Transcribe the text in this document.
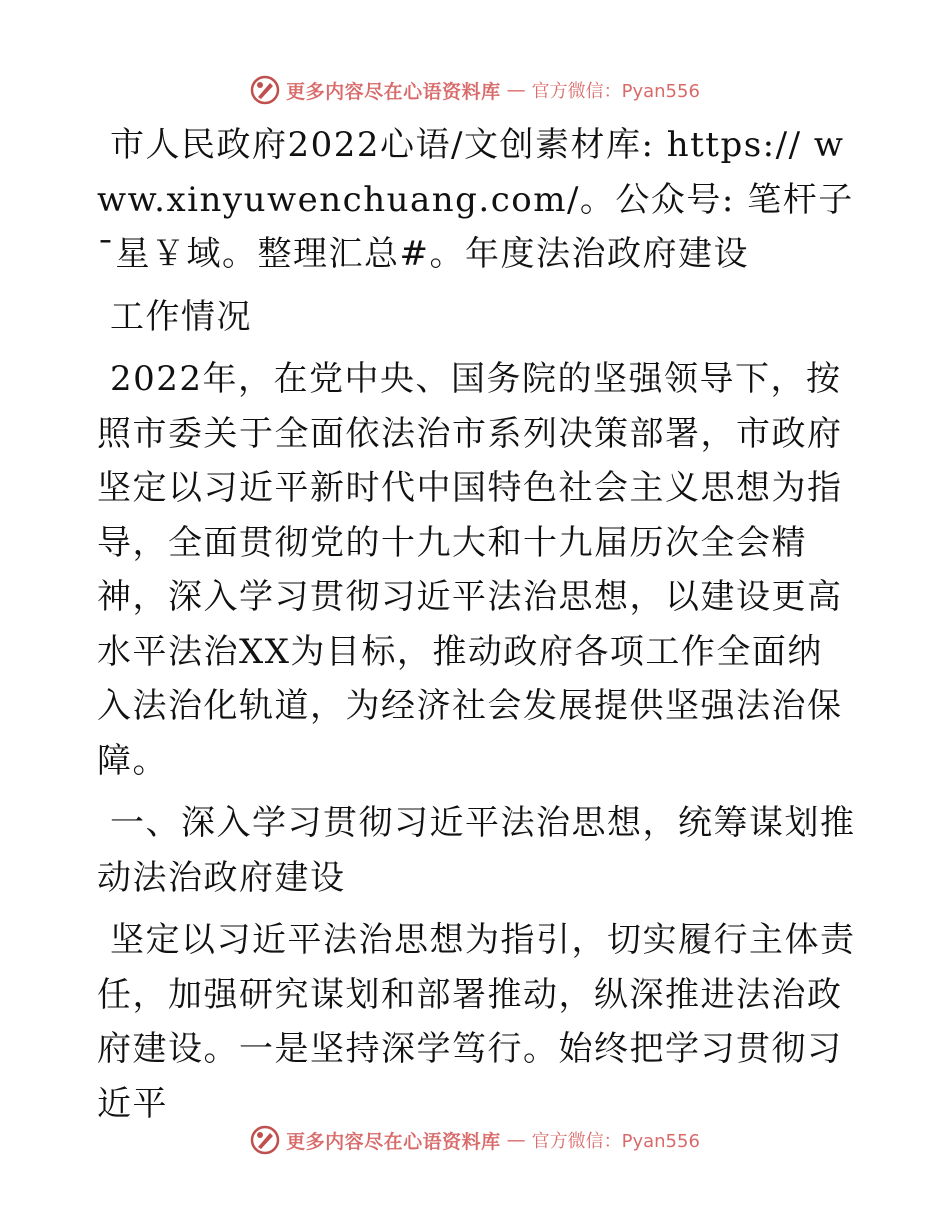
更多内容尽在心语资料库 — 官方微信：Pyan556

市人民政府2022心语/文创素材库: https:// www.xinyuwenchuang.com/。公众号: 笔杆子¯星￥域。整理汇总#。年度法治政府建设

工作情况

2022年，在党中央、国务院的坚强领导下，按照市委关于全面依法治市系列决策部署，市政府坚定以习近平新时代中国特色社会主义思想为指导，全面贯彻党的十九大和十九届历次全会精神，深入学习贯彻习近平法治思想，以建设更高水平法治XX为目标，推动政府各项工作全面纳入法治化轨道，为经济社会发展提供坚强法治保障。

一、深入学习贯彻习近平法治思想，统筹谋划推动法治政府建设

坚定以习近平法治思想为指引，切实履行主体责任，加强研究谋划和部署推动，纵深推进法治政府建设。一是坚持深学笃行。始终把学习贯彻习近平

更多内容尽在心语资料库 — 官方微信：Pyan556
